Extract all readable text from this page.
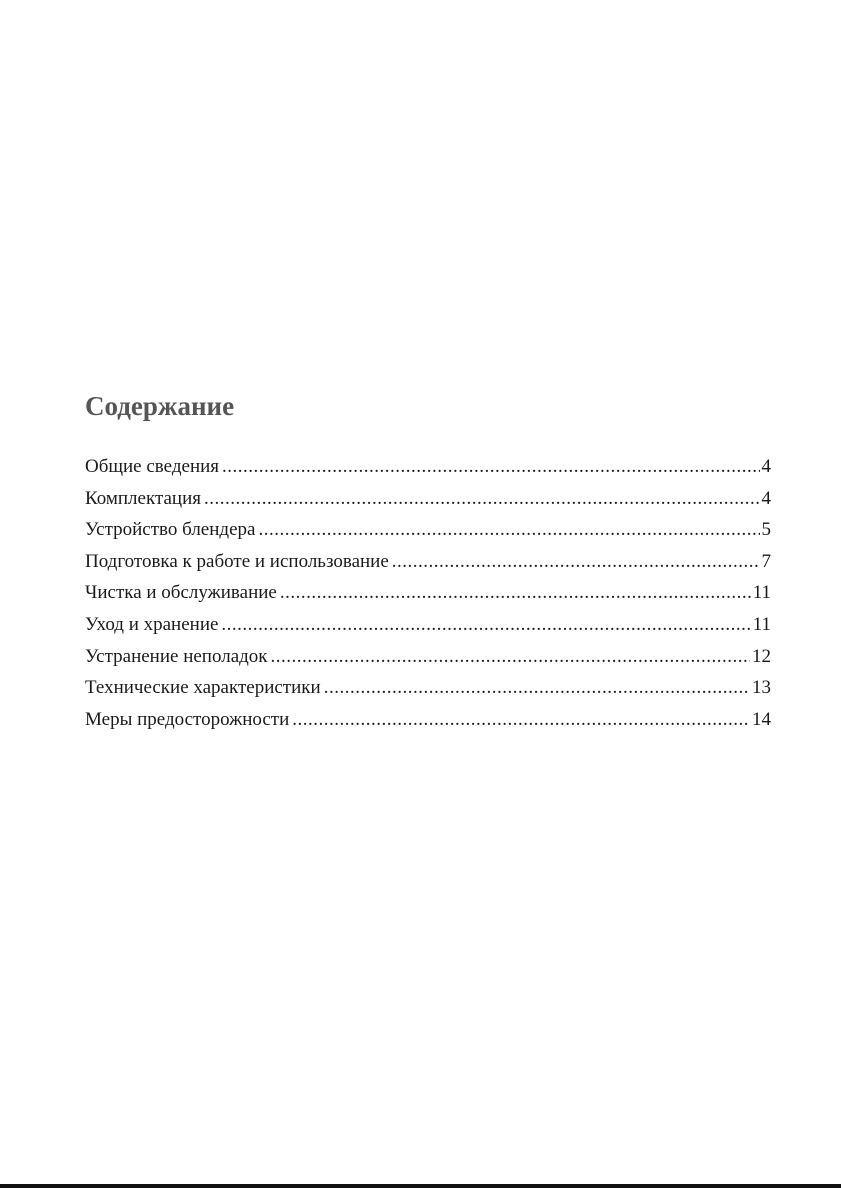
Содержание
Общие сведения .....	4
Комплектация .....	4
Устройство блендера .....	5
Подготовка к работе и использование .....	7
Чистка и обслуживание .....	11
Уход и хранение .....	11
Устранение неполадок .....	12
Технические характеристики .....	13
Меры предосторожности .....	14
